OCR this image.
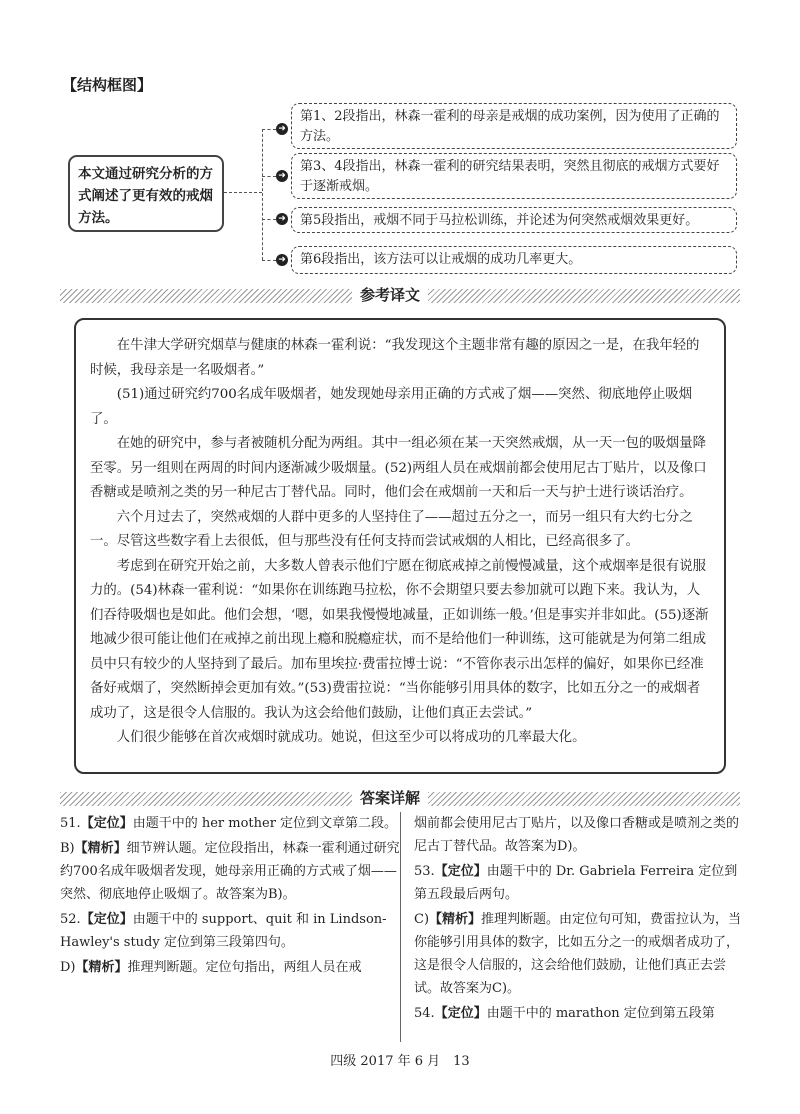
【结构框图】
本文通过研究分析的方式阐述了更有效的戒烟方法。
➜
第1、2段指出，林森一霍利的母亲是戒烟的成功案例，因为使用了正确的方法。
➜
第3、4段指出，林森一霍利的研究结果表明，突然且彻底的戒烟方式要好于逐渐戒烟。
➜	第5段指出，戒烟不同于马拉松训练，并论述为何突然戒烟效果更好。
➜	第6段指出，该方法可以让戒烟的成功几率更大。
参考译文

在牛津大学研究烟草与健康的林森一霍利说：“我发现这个主题非常有趣的原因之一是，在我年轻的时候，我母亲是一名吸烟者。”

(51)通过研究约700名成年吸烟者，她发现她母亲用正确的方式戒了烟——突然、彻底地停止吸烟了。

在她的研究中，参与者被随机分配为两组。其中一组必须在某一天突然戒烟，从一天一包的吸烟量降至零。另一组则在两周的时间内逐渐减少吸烟量。(52)两组人员在戒烟前都会使用尼古丁贴片，以及像口香糖或是喷剂之类的另一种尼古丁替代品。同时，他们会在戒烟前一天和后一天与护士进行谈话治疗。

六个月过去了，突然戒烟的人群中更多的人坚持住了——超过五分之一，而另一组只有大约七分之一。尽管这些数字看上去很低，但与那些没有任何支持而尝试戒烟的人相比，已经高很多了。

考虑到在研究开始之前，大多数人曾表示他们宁愿在彻底戒掉之前慢慢减量，这个戒烟率是很有说服力的。(54)林森一霍利说：“如果你在训练跑马拉松，你不会期望只要去参加就可以跑下来。我认为，人们吞待吸烟也是如此。他们会想，‘嗯，如果我慢慢地减量，正如训练一般。’但是事实并非如此。(55)逐渐地减少很可能让他们在戒掉之前出现上瘾和脱瘾症状，而不是给他们一种训练，这可能就是为何第二组成员中只有较少的人坚持到了最后。加布里埃拉·费雷拉博士说：“不管你表示出怎样的偏好，如果你已经准备好戒烟了，突然断掉会更加有效。”(53)费雷拉说：“当你能够引用具体的数字，比如五分之一的戒烟者成功了，这是很令人信服的。我认为这会给他们鼓励，让他们真正去尝试。”

人们很少能够在首次戒烟时就成功。她说，但这至少可以将成功的几率最大化。

答案详解

51.【定位】由题干中的 her mother 定位到文章第二段。

B)【精析】细节辨认题。定位段指出，林森一霍利通过研究约700名成年吸烟者发现，她母亲用正确的方式戒了烟——突然、彻底地停止吸烟了。故答案为B)。

52.【定位】由题干中的 support、quit 和 in Lindson-Hawley's study 定位到第三段第四句。

D)【精析】推理判断题。定位句指出，两组人员在戒

烟前都会使用尼古丁贴片，以及像口香糖或是喷剂之类的尼古丁替代品。故答案为D)。

53.【定位】由题干中的 Dr. Gabriela Ferreira 定位到第五段最后两句。

C)【精析】推理判断题。由定位句可知，费雷拉认为，当你能够引用具体的数字，比如五分之一的戒烟者成功了，这是很令人信服的，这会给他们鼓励，让他们真正去尝试。故答案为C)。

54.【定位】由题干中的 marathon 定位到第五段第

四级 2017 年 6 月　13
